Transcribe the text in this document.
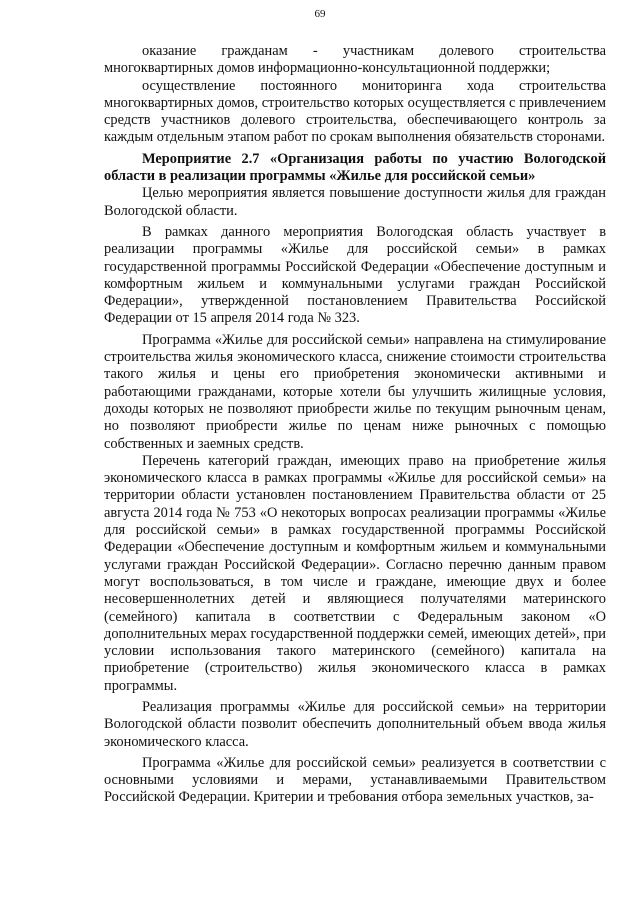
69

оказание гражданам - участникам долевого строительства многоквартирных домов информационно-консультационной поддержки;

осуществление постоянного мониторинга хода строительства многоквартирных домов, строительство которых осуществляется с привлечением средств участников долевого строительства, обеспечивающего контроль за каждым отдельным этапом работ по срокам выполнения обязательств сторонами.

Мероприятие 2.7 «Организация работы по участию Вологодской области в реализации программы «Жилье для российской семьи»

Целью мероприятия является повышение доступности жилья для граждан Вологодской области.

В рамках данного мероприятия Вологодская область участвует в реализации программы «Жилье для российской семьи» в рамках государственной программы Российской Федерации «Обеспечение доступным и комфортным жильем и коммунальными услугами граждан Российской Федерации», утвержденной постановлением Правительства Российской Федерации от 15 апреля 2014 года № 323.

Программа «Жилье для российской семьи» направлена на стимулирование строительства жилья экономического класса, снижение стоимости строительства такого жилья и цены его приобретения экономически активными и работающими гражданами, которые хотели бы улучшить жилищные условия, доходы которых не позволяют приобрести жилье по текущим рыночным ценам, но позволяют приобрести жилье по ценам ниже рыночных с помощью собственных и заемных средств.

Перечень категорий граждан, имеющих право на приобретение жилья экономического класса в рамках программы «Жилье для российской семьи» на территории области установлен постановлением Правительства области от 25 августа 2014 года № 753 «О некоторых вопросах реализации программы «Жилье для российской семьи» в рамках государственной программы Российской Федерации «Обеспечение доступным и комфортным жильем и коммунальными услугами граждан Российской Федерации». Согласно перечню данным правом могут воспользоваться, в том числе и граждане, имеющие двух и более несовершеннолетних детей и являющиеся получателями материнского (семейного) капитала в соответствии с Федеральным законом «О дополнительных мерах государственной поддержки семей, имеющих детей», при условии использования такого материнского (семейного) капитала на приобретение (строительство) жилья экономического класса в рамках программы.

Реализация программы «Жилье для российской семьи» на территории Вологодской области позволит обеспечить дополнительный объем ввода жилья экономического класса.

Программа «Жилье для российской семьи» реализуется в соответствии с основными условиями и мерами, устанавливаемыми Правительством Российской Федерации. Критерии и требования отбора земельных участков, за-
